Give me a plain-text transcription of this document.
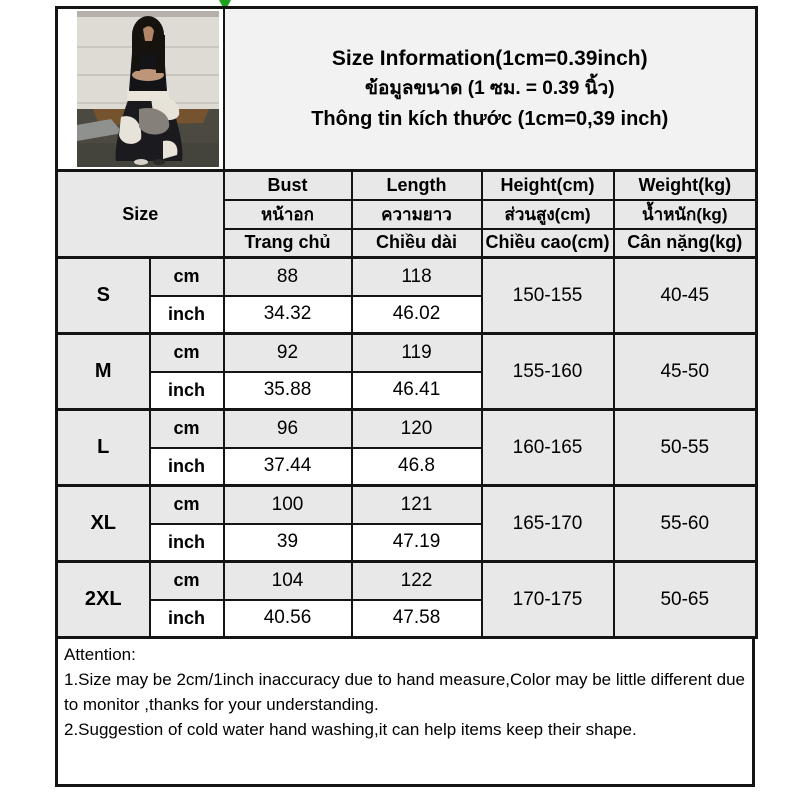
Size Information(1cm=0.39inch)
ข้อมูลขนาด (1 ซม. = 0.39 นิ้ว)
Thông tin kích thước (1cm=0,39 inch)			

Size		Bust	Length	Height(cm)	Weight(kg)
		หน้าอก	ความยาว	ส่วนสูง(cm)	น้ำหนัก(kg)
		Trang chủ	Chiều dài	Chiều cao(cm)	Cân nặng(kg)
S	cm	88	118	150-155	40-45
	inch	34.32	46.02		
M	cm	92	119	155-160	45-50
	inch	35.88	46.41		
L	cm	96	120	160-165	50-55
	inch	37.44	46.8		
XL	cm	100	121	165-170	55-60
	inch	39	47.19		
2XL	cm	104	122	170-175	50-65
	inch	40.56	47.58		
Attention:
1.Size may be 2cm/1inch inaccuracy due to hand measure,Color may be little different due to monitor ,thanks for your understanding.
2.Suggestion of cold water hand washing,it can help items keep their shape.
